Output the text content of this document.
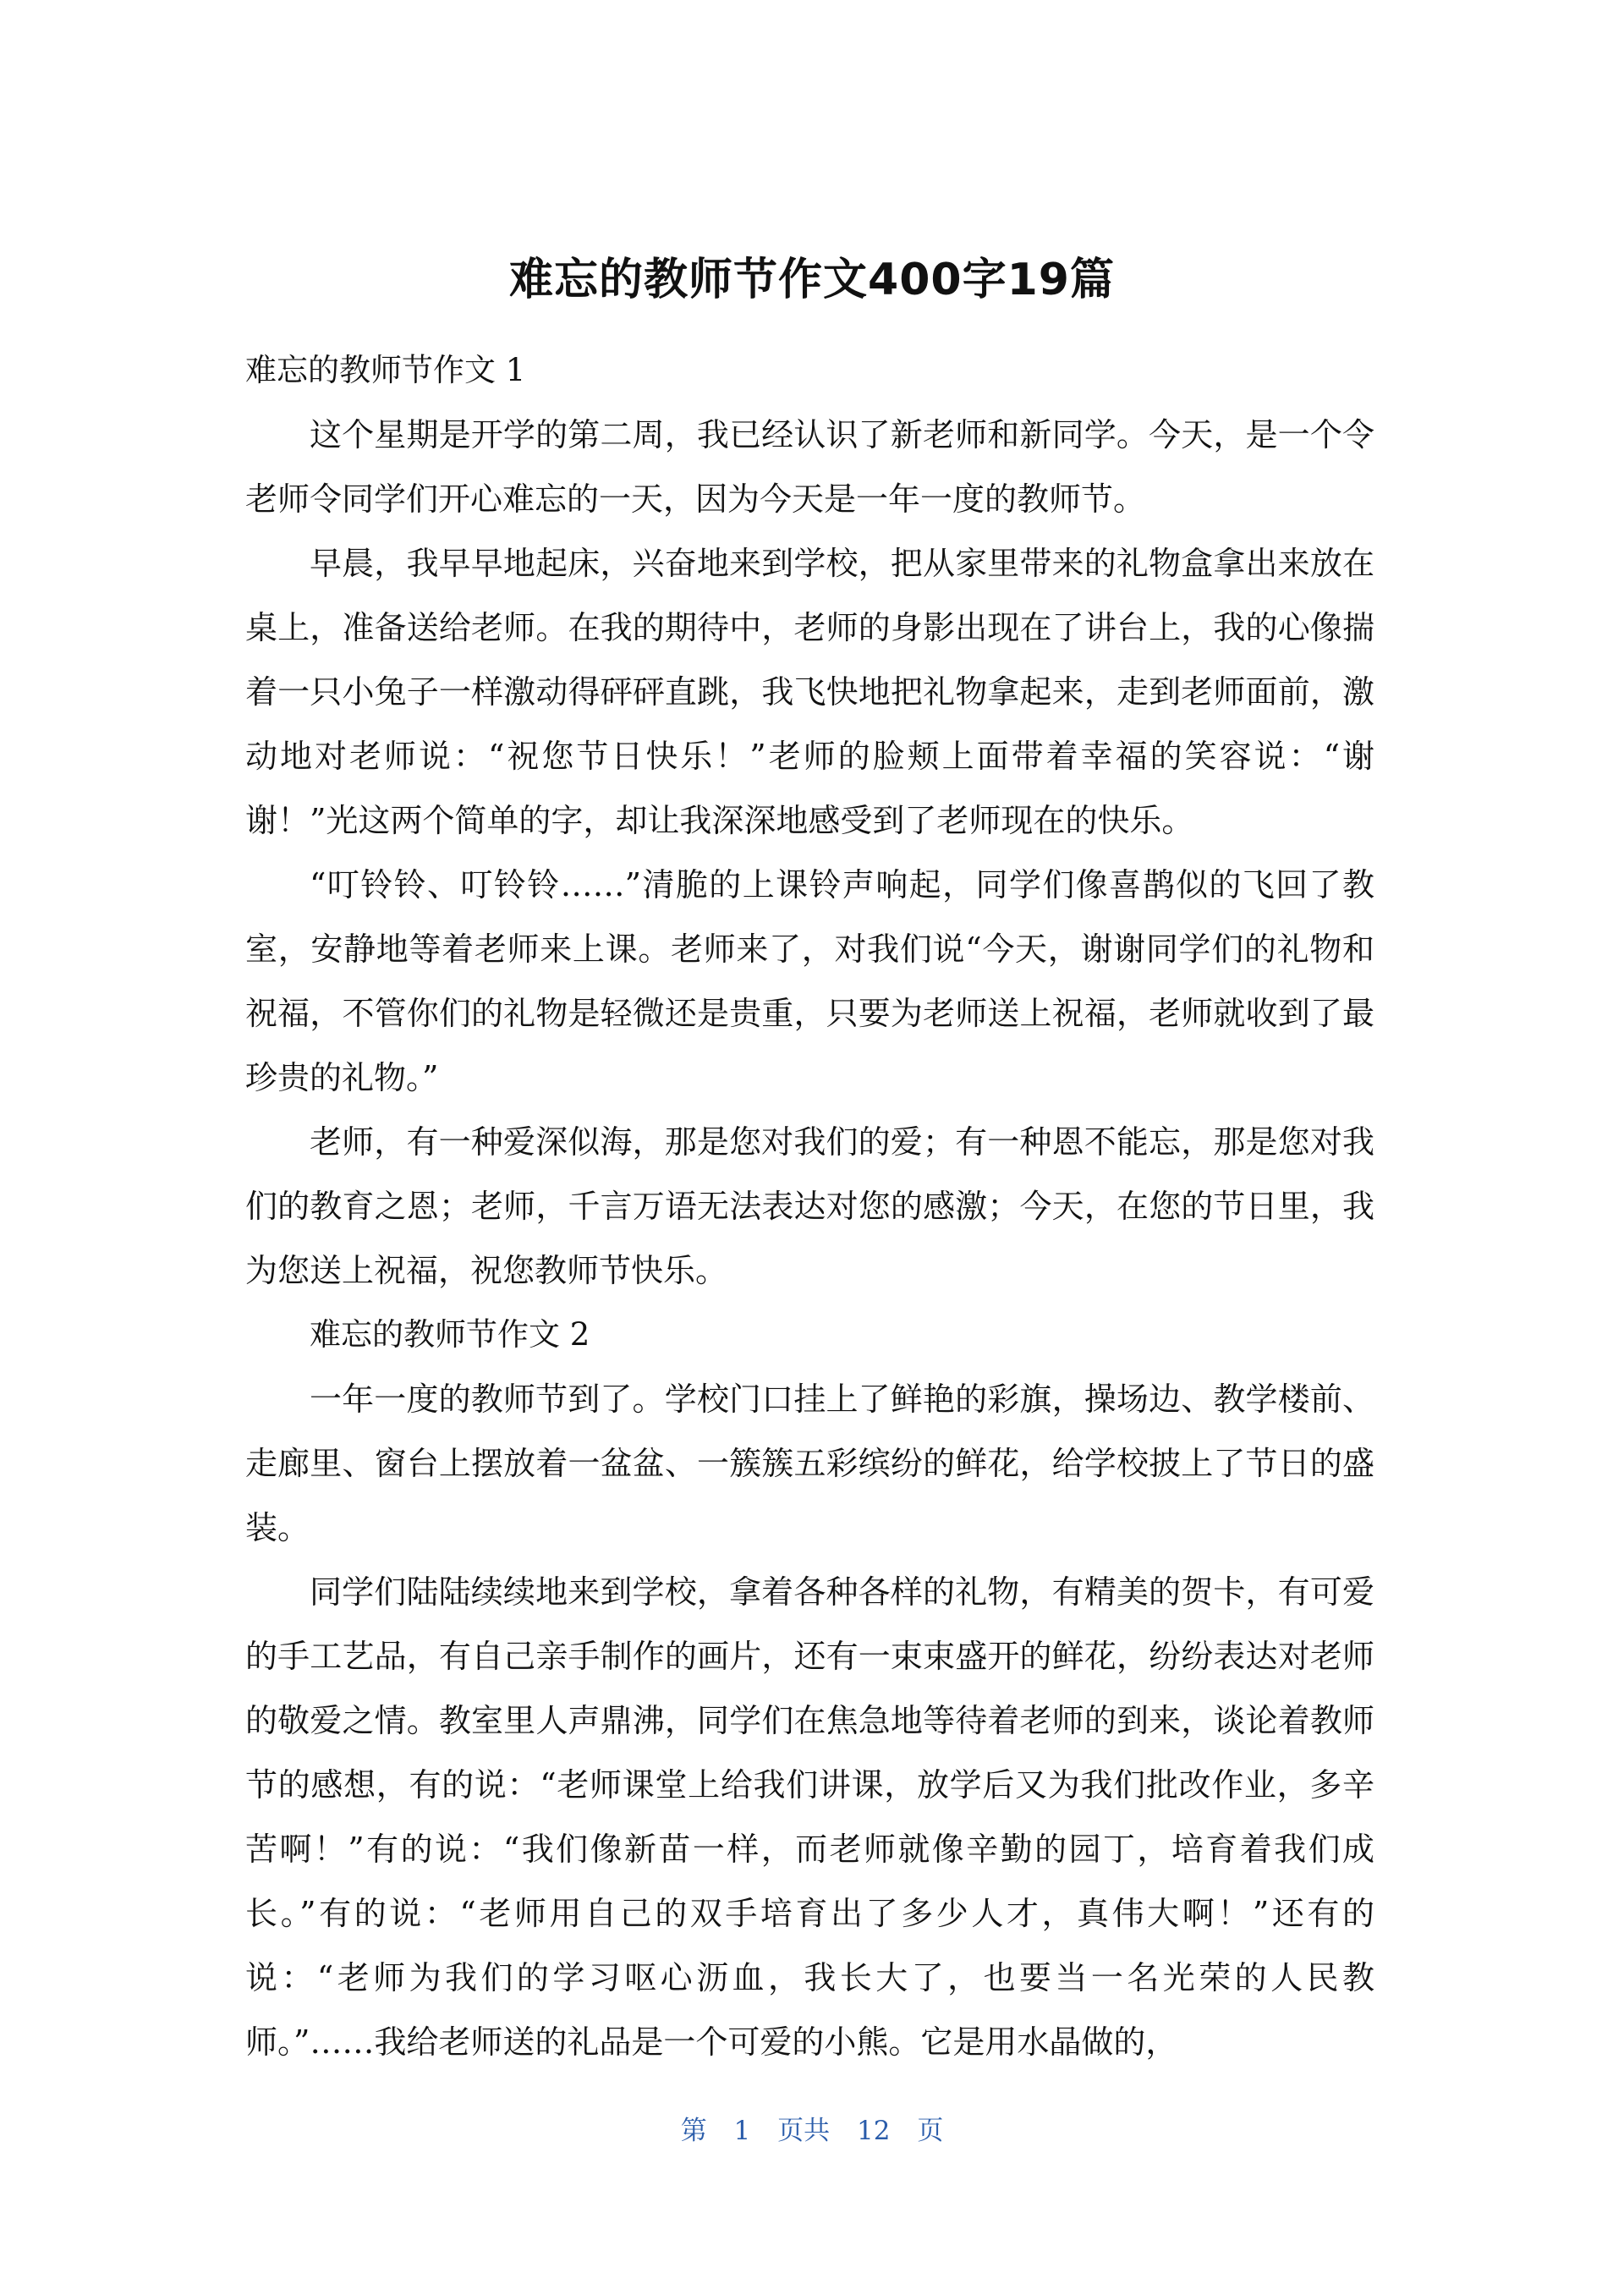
难忘的教师节作文400字19篇

难忘的教师节作文 1

这个星期是开学的第二周，我已经认识了新老师和新同学。今天，是一个令老师令同学们开心难忘的一天，因为今天是一年一度的教师节。

早晨，我早早地起床，兴奋地来到学校，把从家里带来的礼物盒拿出来放在桌上，准备送给老师。在我的期待中，老师的身影出现在了讲台上，我的心像揣着一只小兔子一样激动得砰砰直跳，我飞快地把礼物拿起来，走到老师面前，激动地对老师说：“祝您节日快乐！”老师的脸颊上面带着幸福的笑容说：“谢谢！”光这两个简单的字，却让我深深地感受到了老师现在的快乐。

“叮铃铃、叮铃铃……”清脆的上课铃声响起，同学们像喜鹊似的飞回了教室，安静地等着老师来上课。老师来了，对我们说“今天，谢谢同学们的礼物和祝福，不管你们的礼物是轻微还是贵重，只要为老师送上祝福，老师就收到了最珍贵的礼物。”

老师，有一种爱深似海，那是您对我们的爱；有一种恩不能忘，那是您对我们的教育之恩；老师，千言万语无法表达对您的感激；今天，在您的节日里，我为您送上祝福，祝您教师节快乐。

难忘的教师节作文 2

一年一度的教师节到了。学校门口挂上了鲜艳的彩旗，操场边、教学楼前、走廊里、窗台上摆放着一盆盆、一簇簇五彩缤纷的鲜花，给学校披上了节日的盛装。

同学们陆陆续续地来到学校，拿着各种各样的礼物，有精美的贺卡，有可爱的手工艺品，有自己亲手制作的画片，还有一束束盛开的鲜花，纷纷表达对老师的敬爱之情。教室里人声鼎沸，同学们在焦急地等待着老师的到来，谈论着教师节的感想，有的说：“老师课堂上给我们讲课，放学后又为我们批改作业，多辛苦啊！”有的说：“我们像新苗一样，而老师就像辛勤的园丁，培育着我们成长。”有的说：“老师用自己的双手培育出了多少人才，真伟大啊！”还有的说：“老师为我们的学习呕心沥血，我长大了，也要当一名光荣的人民教师。”……我给老师送的礼品是一个可爱的小熊。它是用水晶做的，

第 1 页共 12 页
